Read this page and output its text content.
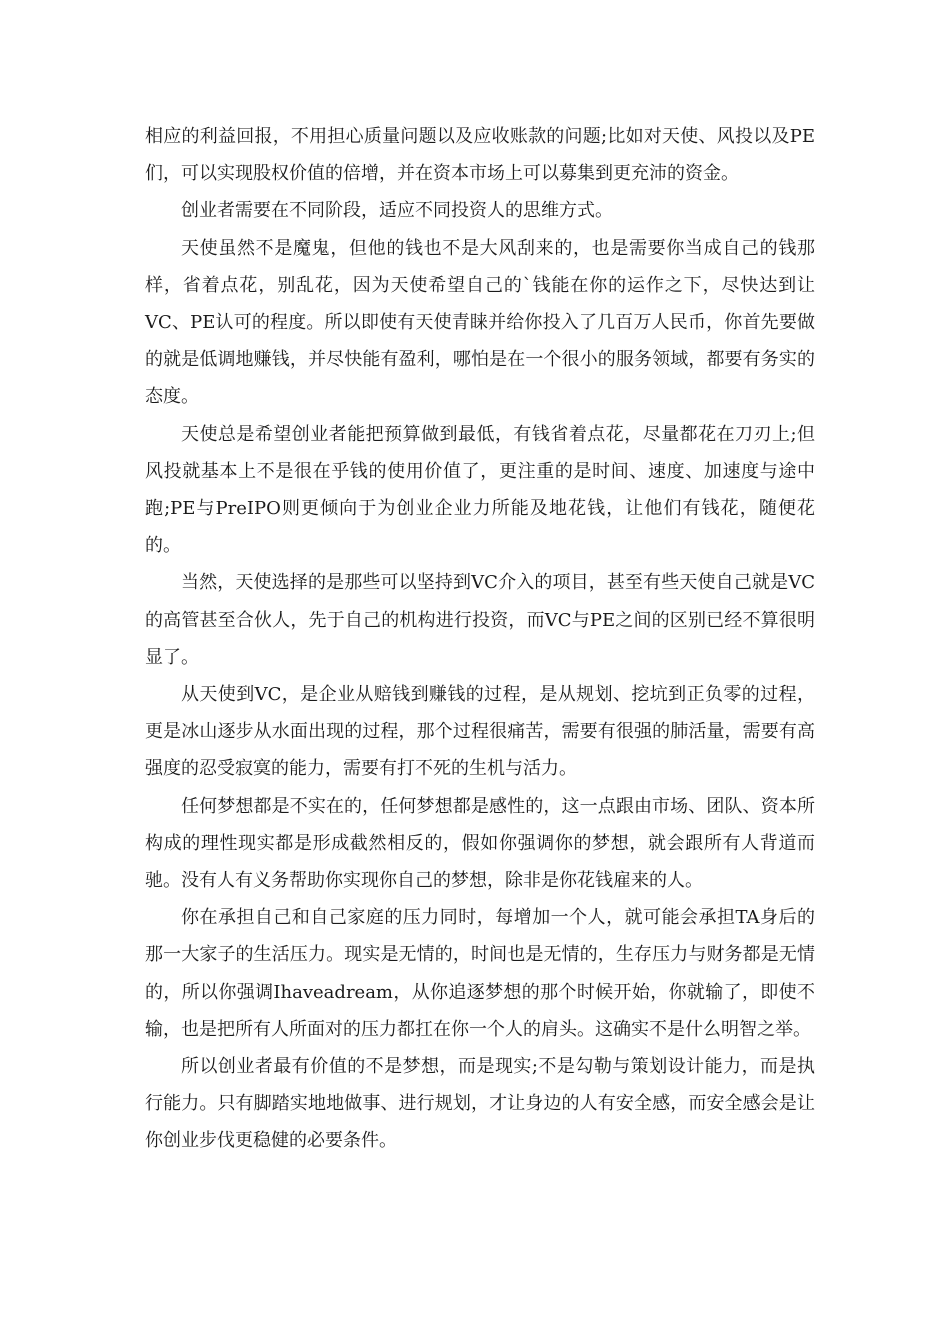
相应的利益回报，不用担心质量问题以及应收账款的问题;比如对天使、风投以及PE们，可以实现股权价值的倍增，并在资本市场上可以募集到更充沛的资金。

创业者需要在不同阶段，适应不同投资人的思维方式。

天使虽然不是魔鬼，但他的钱也不是大风刮来的，也是需要你当成自己的钱那样，省着点花，别乱花，因为天使希望自己的`钱能在你的运作之下，尽快达到让VC、PE认可的程度。所以即使有天使青睐并给你投入了几百万人民币，你首先要做的就是低调地赚钱，并尽快能有盈利，哪怕是在一个很小的服务领域，都要有务实的态度。

天使总是希望创业者能把预算做到最低，有钱省着点花，尽量都花在刀刃上;但风投就基本上不是很在乎钱的使用价值了，更注重的是时间、速度、加速度与途中跑;PE与PreIPO则更倾向于为创业企业力所能及地花钱，让他们有钱花，随便花的。

当然，天使选择的是那些可以坚持到VC介入的项目，甚至有些天使自己就是VC的高管甚至合伙人，先于自己的机构进行投资，而VC与PE之间的区别已经不算很明显了。

从天使到VC，是企业从赔钱到赚钱的过程，是从规划、挖坑到正负零的过程，更是冰山逐步从水面出现的过程，那个过程很痛苦，需要有很强的肺活量，需要有高强度的忍受寂寞的能力，需要有打不死的生机与活力。

任何梦想都是不实在的，任何梦想都是感性的，这一点跟由市场、团队、资本所构成的理性现实都是形成截然相反的，假如你强调你的梦想，就会跟所有人背道而驰。没有人有义务帮助你实现你自己的梦想，除非是你花钱雇来的人。

你在承担自己和自己家庭的压力同时，每增加一个人，就可能会承担TA身后的那一大家子的生活压力。现实是无情的，时间也是无情的，生存压力与财务都是无情的，所以你强调Ihaveadream，从你追逐梦想的那个时候开始，你就输了，即使不输，也是把所有人所面对的压力都扛在你一个人的肩头。这确实不是什么明智之举。

所以创业者最有价值的不是梦想，而是现实;不是勾勒与策划设计能力，而是执行能力。只有脚踏实地地做事、进行规划，才让身边的人有安全感，而安全感会是让你创业步伐更稳健的必要条件。
